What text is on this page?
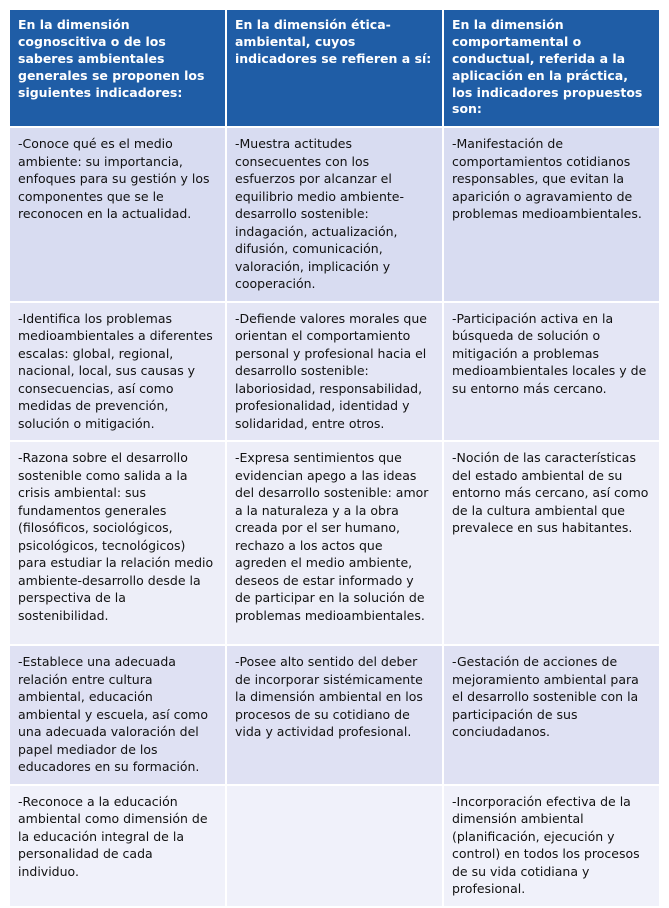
En la dimensión cognoscitiva o de los saberes ambientales generales se proponen los siguientes indicadores:	En la dimensión ética-ambiental, cuyos indicadores se refieren a sí:	En la dimensión comportamental o conductual, referida a la aplicación en la práctica, los indicadores propuestos son:
-Conoce qué es el medio ambiente: su importancia, enfoques para su gestión y los componentes que se le reconocen en la actualidad.	-Muestra actitudes consecuentes con los esfuerzos por alcanzar el equilibrio medio ambiente-desarrollo sostenible: indagación, actualización, difusión, comunicación, valoración, implicación y cooperación.	-Manifestación de comportamientos cotidianos responsables, que evitan la aparición o agravamiento de problemas medioambientales.
-Identifica los problemas medioambientales a diferentes escalas: global, regional, nacional, local, sus causas y consecuencias, así como medidas de prevención, solución o mitigación.	-Defiende valores morales que orientan el comportamiento personal y profesional hacia el desarrollo sostenible: laboriosidad, responsabilidad, profesionalidad, identidad y solidaridad, entre otros.	-Participación activa en la búsqueda de solución o mitigación a problemas medioambientales locales y de su entorno más cercano.
-Razona sobre el desarrollo sostenible como salida a la crisis ambiental: sus fundamentos generales (filosóficos, sociológicos, psicológicos, tecnológicos) para estudiar la relación medio ambiente-desarrollo desde la perspectiva de la sostenibilidad.	-Expresa sentimientos que evidencian apego a las ideas del desarrollo sostenible: amor a la naturaleza y a la obra creada por el ser humano, rechazo a los actos que agreden el medio ambiente, deseos de estar informado y de participar en la solución de problemas medioambientales.	-Noción de las características del estado ambiental de su entorno más cercano, así como de la cultura ambiental que prevalece en sus habitantes.
-Establece una adecuada relación entre cultura ambiental, educación ambiental y escuela, así como una adecuada valoración del papel mediador de los educadores en su formación.	-Posee alto sentido del deber de incorporar sistémicamente la dimensión ambiental en los procesos de su cotidiano de vida y actividad profesional.	-Gestación de acciones de mejoramiento ambiental para el desarrollo sostenible con la participación de sus conciudadanos.
-Reconoce a la educación ambiental como dimensión de la educación integral de la personalidad de cada individuo.		-Incorporación efectiva de la dimensión ambiental (planificación, ejecución y control) en todos los procesos de su vida cotidiana y profesional.
